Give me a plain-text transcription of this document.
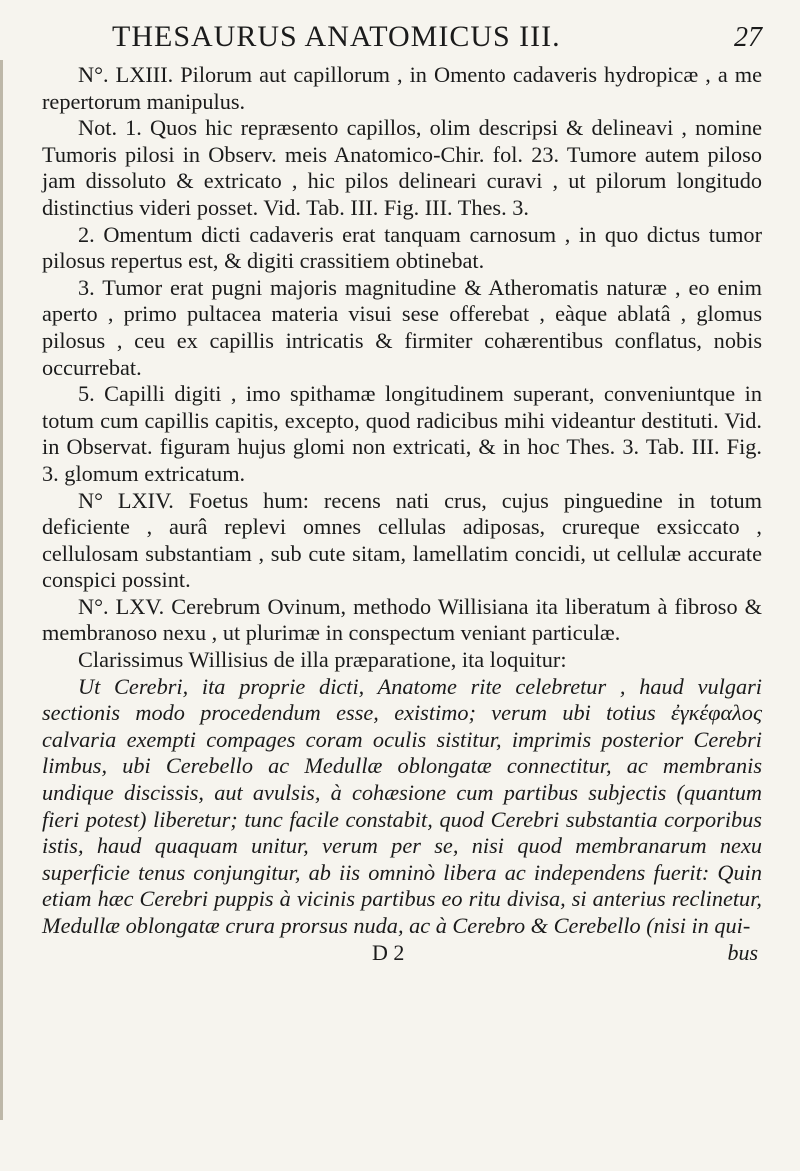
THESAURUS ANATOMICUS III.	27

N°. LXIII. Pilorum aut capillorum , in Omento cadaveris hydropicæ , a me repertorum manipulus.

Not. 1. Quos hic repræsento capillos, olim descripsi & delineavi , nomine Tumoris pilosi in Observ. meis Anatomico-Chir. fol. 23. Tumore autem piloso jam dissoluto & extricato , hic pilos delineari curavi , ut pilorum longitudo distinctius videri posset. Vid. Tab. III. Fig. III. Thes. 3.

2. Omentum dicti cadaveris erat tanquam carnosum , in quo dictus tumor pilosus repertus est, & digiti crassitiem obtinebat.

3. Tumor erat pugni majoris magnitudine & Atheromatis naturæ , eo enim aperto , primo pultacea materia visui sese offerebat , eàque ablatâ , glomus pilosus , ceu ex capillis intricatis & firmiter cohærentibus conflatus, nobis occurrebat.

5. Capilli digiti , imo spithamæ longitudinem superant, conveniuntque in totum cum capillis capitis, excepto, quod radicibus mihi videantur destituti. Vid. in Observat. figuram hujus glomi non extricati, & in hoc Thes. 3. Tab. III. Fig. 3. glomum extricatum.

N° LXIV. Foetus hum: recens nati crus, cujus pinguedine in totum deficiente , aurâ replevi omnes cellulas adiposas, crureque exsiccato , cellulosam substantiam , sub cute sitam, lamellatim concidi, ut cellulæ accurate conspici possint.

N°. LXV. Cerebrum Ovinum, methodo Willisiana ita liberatum à fibroso & membranoso nexu , ut plurimæ in conspectum veniant particulæ.

Clarissimus Willisius de illa præparatione, ita loquitur:

Ut Cerebri, ita proprie dicti, Anatome rite celebretur , haud vulgari sectionis modo procedendum esse, existimo; verum ubi totius ἐγκέφαλος calvaria exempti compages coram oculis sistitur, imprimis posterior Cerebri limbus, ubi Cerebello ac Medullæ oblongatæ connectitur, ac membranis undique discissis, aut avulsis, à cohæsione cum partibus subjectis (quantum fieri potest) liberetur; tunc facile constabit, quod Cerebri substantia corporibus istis, haud quaquam unitur, verum per se, nisi quod membranarum nexu superficie tenus conjungitur, ab iis omninò libera ac independens fuerit: Quin etiam hæc Cerebri puppis à vicinis partibus eo ritu divisa, si anterius reclinetur, Medullæ oblongatæ crura prorsus nuda, ac à Cerebro & Cerebello (nisi in qui-

D 2	bus
